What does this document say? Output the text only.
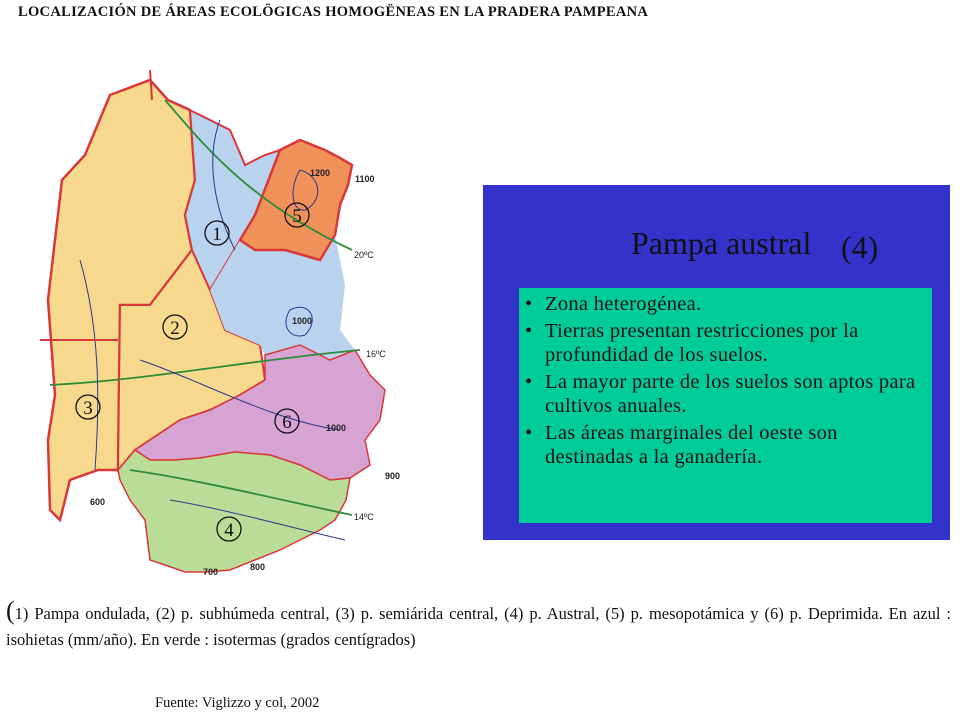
LOCALIZACIÓN DE ÁREAS ECOLÖGICAS HOMOGËNEAS EN LA PRADERA PAMPEANA
1
2
3
4
5
6
1200
1100
1000
1000
900
800
700
600
20ºC
16ºC
14ºC
Pampa austral (4)
• Zona heterogénea.
• Tierras presentan restricciones por la profundidad de los suelos.
• La mayor parte de los suelos son aptos para cultivos anuales.
• Las áreas marginales del oeste son destinadas a la ganadería.
(1) Pampa ondulada, (2) p. subhúmeda central, (3) p. semiárida central, (4) p. Austral, (5) p. mesopotámica y (6) p. Deprimida. En azul : isohietas (mm/año). En verde : isotermas (grados centígrados)
Fuente: Viglizzo y col, 2002
